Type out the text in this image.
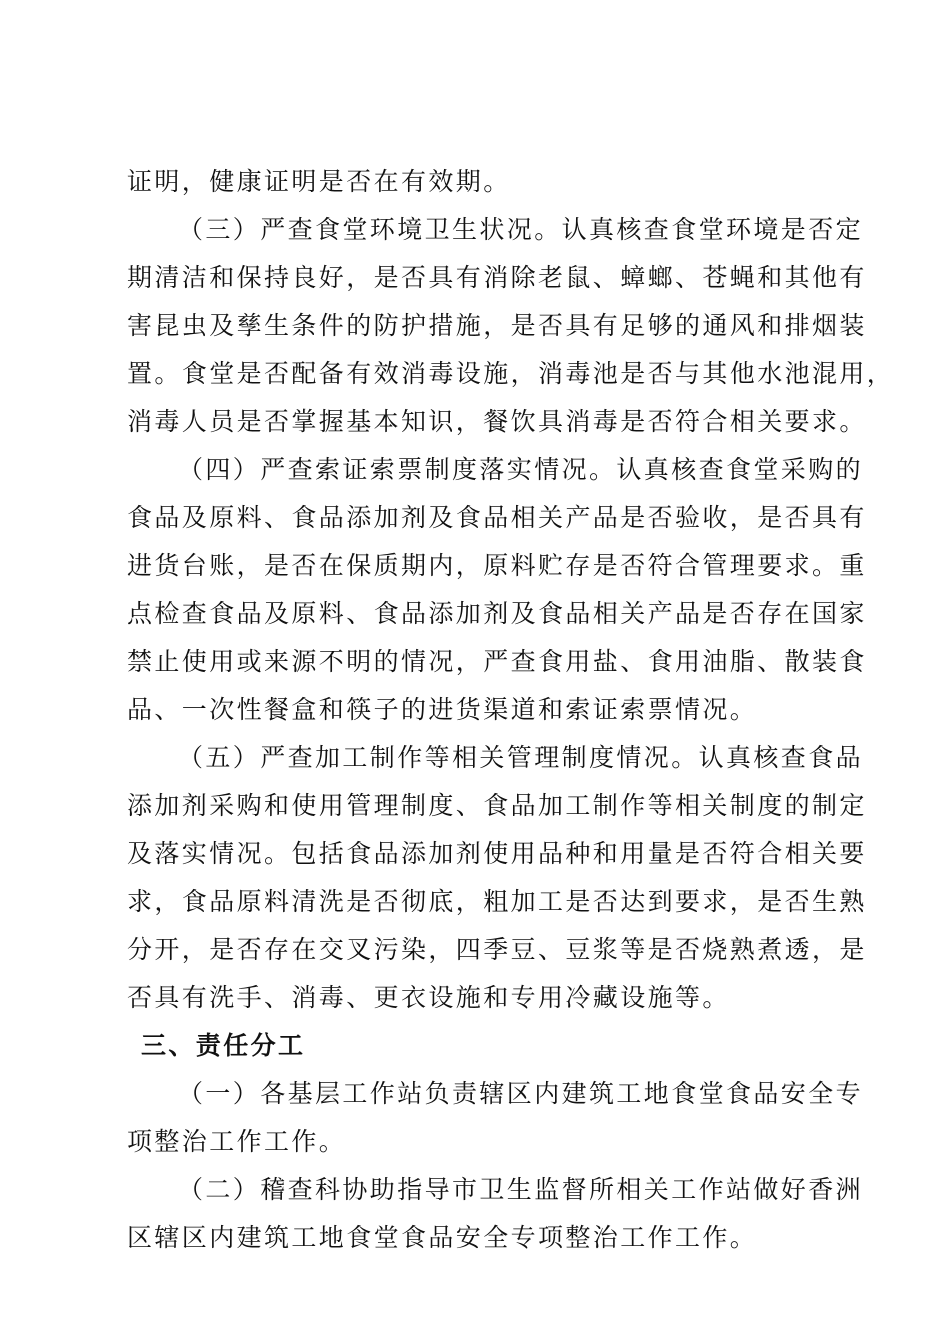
证明，健康证明是否在有效期。
（三）严查食堂环境卫生状况。认真核查食堂环境是否定
期清洁和保持良好，是否具有消除老鼠、蟑螂、苍蝇和其他有
害昆虫及孳生条件的防护措施，是否具有足够的通风和排烟装
置。食堂是否配备有效消毒设施，消毒池是否与其他水池混用，
消毒人员是否掌握基本知识，餐饮具消毒是否符合相关要求。
（四）严查索证索票制度落实情况。认真核查食堂采购的
食品及原料、食品添加剂及食品相关产品是否验收，是否具有
进货台账，是否在保质期内，原料贮存是否符合管理要求。重
点检查食品及原料、食品添加剂及食品相关产品是否存在国家
禁止使用或来源不明的情况，严查食用盐、食用油脂、散装食
品、一次性餐盒和筷子的进货渠道和索证索票情况。
（五）严查加工制作等相关管理制度情况。认真核查食品
添加剂采购和使用管理制度、食品加工制作等相关制度的制定
及落实情况。包括食品添加剂使用品种和用量是否符合相关要
求，食品原料清洗是否彻底，粗加工是否达到要求，是否生熟
分开，是否存在交叉污染，四季豆、豆浆等是否烧熟煮透，是
否具有洗手、消毒、更衣设施和专用冷藏设施等。
三、责任分工
（一）各基层工作站负责辖区内建筑工地食堂食品安全专
项整治工作工作。
（二）稽查科协助指导市卫生监督所相关工作站做好香洲
区辖区内建筑工地食堂食品安全专项整治工作工作。
